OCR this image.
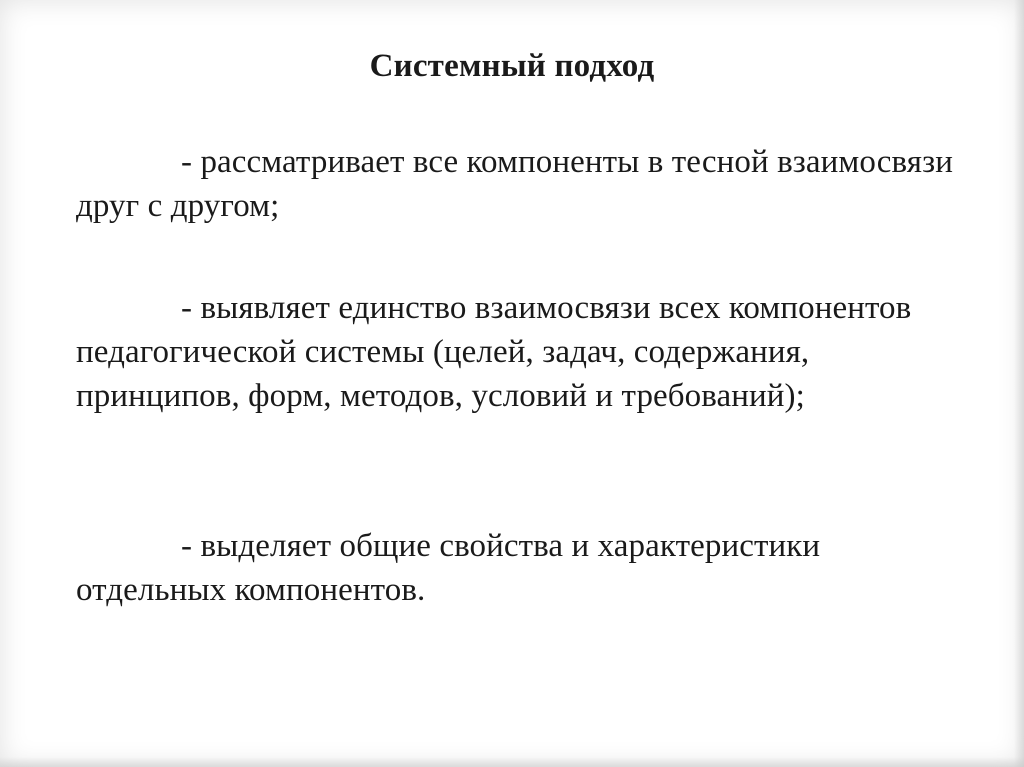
Системный подход

- рассматривает все компоненты в тесной взаимосвязи друг с другом;

- выявляет единство взаимосвязи всех компонентов педагогической системы (целей, задач, содержания, принципов, форм, методов, условий и требований);

- выделяет общие свойства и характеристики отдельных компонентов.
